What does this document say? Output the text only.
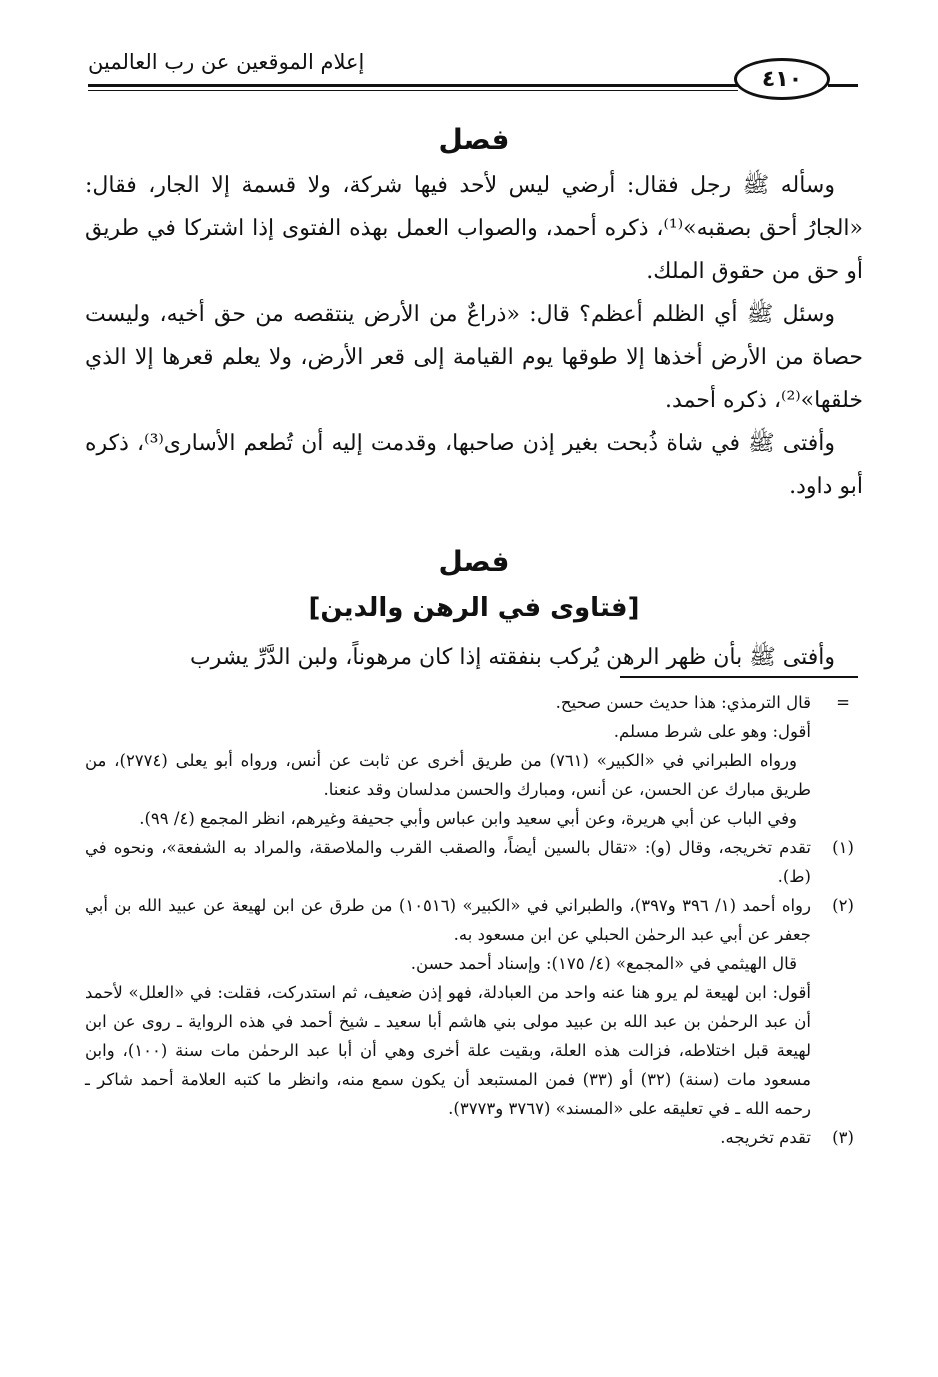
إعلام الموقعين عن رب العالمين
٤١٠
فصل

وسأله ﷺ رجل فقال: أرضي ليس لأحد فيها شركة، ولا قسمة إلا الجار، فقال: «الجارُ أحق بصقبه»⁽¹⁾، ذكره أحمد، والصواب العمل بهذه الفتوى إذا اشتركا في طريق أو حق من حقوق الملك.

وسئل ﷺ أي الظلم أعظم؟ قال: «ذراعٌ من الأرض ينتقصه من حق أخيه، وليست حصاة من الأرض أخذها إلا طوقها يوم القيامة إلى قعر الأرض، ولا يعلم قعرها إلا الذي خلقها»⁽²⁾، ذكره أحمد.

وأفتى ﷺ في شاة ذُبحت بغير إذن صاحبها، وقدمت إليه أن تُطعم الأسارى⁽³⁾، ذكره أبو داود.

فصل
[فتاوى في الرهن والدين]

وأفتى ﷺ بأن ظهر الرهن يُركب بنفقته إذا كان مرهوناً، ولبن الدَّرِّ يشرب

=

قال الترمذي: هذا حديث حسن صحيح.

أقول: وهو على شرط مسلم.

ورواه الطبراني في «الكبير» (٧٦١) من طريق أخرى عن ثابت عن أنس، ورواه أبو يعلى (٢٧٧٤)، من طريق مبارك عن الحسن، عن أنس، ومبارك والحسن مدلسان وقد عنعنا.

وفي الباب عن أبي هريرة، وعن أبي سعيد وابن عباس وأبي جحيفة وغيرهم، انظر المجمع (٤/ ٩٩).

(١)

تقدم تخريجه، وقال (و): «تقال بالسين أيضاً، والصقب القرب والملاصقة، والمراد به الشفعة»، ونحوه في (ط).

(٢)

رواه أحمد (١/ ٣٩٦ و٣٩٧)، والطبراني في «الكبير» (١٠٥١٦) من طرق عن ابن لهيعة عن عبيد الله بن أبي جعفر عن أبي عبد الرحمٰن الحبلي عن ابن مسعود به.

قال الهيثمي في «المجمع» (٤/ ١٧٥): وإسناد أحمد حسن.

أقول: ابن لهيعة لم يرو هنا عنه واحد من العبادلة، فهو إذن ضعيف، ثم استدركت، فقلت: في «العلل» لأحمد أن عبد الرحمٰن بن عبد الله بن عبيد مولى بني هاشم أبا سعيد ـ شيخ أحمد في هذه الرواية ـ روى عن ابن لهيعة قبل اختلاطه، فزالت هذه العلة، وبقيت علة أخرى وهي أن أبا عبد الرحمٰن مات سنة (١٠٠)، وابن مسعود مات (سنة) (٣٢) أو (٣٣) فمن المستبعد أن يكون سمع منه، وانظر ما كتبه العلامة أحمد شاكر ـ رحمه الله ـ في تعليقه على «المسند» (٣٧٦٧ و٣٧٧٣).

(٣)

تقدم تخريجه.
